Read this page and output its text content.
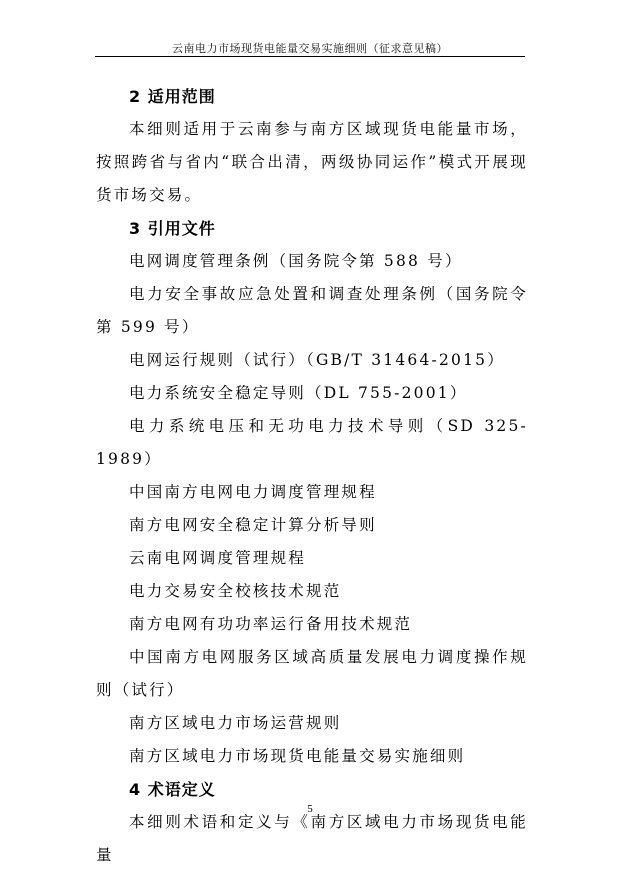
云南电力市场现货电能量交易实施细则（征求意见稿）

2 适用范围

本细则适用于云南参与南方区域现货电能量市场，按照跨省与省内“联合出清，两级协同运作”模式开展现货市场交易。

3 引用文件

电网调度管理条例（国务院令第 588 号）

电力安全事故应急处置和调查处理条例（国务院令第 599 号）

电网运行规则（试行）（GB/T 31464-2015）

电力系统安全稳定导则（DL 755-2001）

电力系统电压和无功电力技术导则（SD 325-1989）

中国南方电网电力调度管理规程

南方电网安全稳定计算分析导则

云南电网调度管理规程

电力交易安全校核技术规范

南方电网有功功率运行备用技术规范

中国南方电网服务区域高质量发展电力调度操作规则（试行）

南方区域电力市场运营规则

南方区域电力市场现货电能量交易实施细则

4 术语定义

本细则术语和定义与《南方区域电力市场现货电能量

5
